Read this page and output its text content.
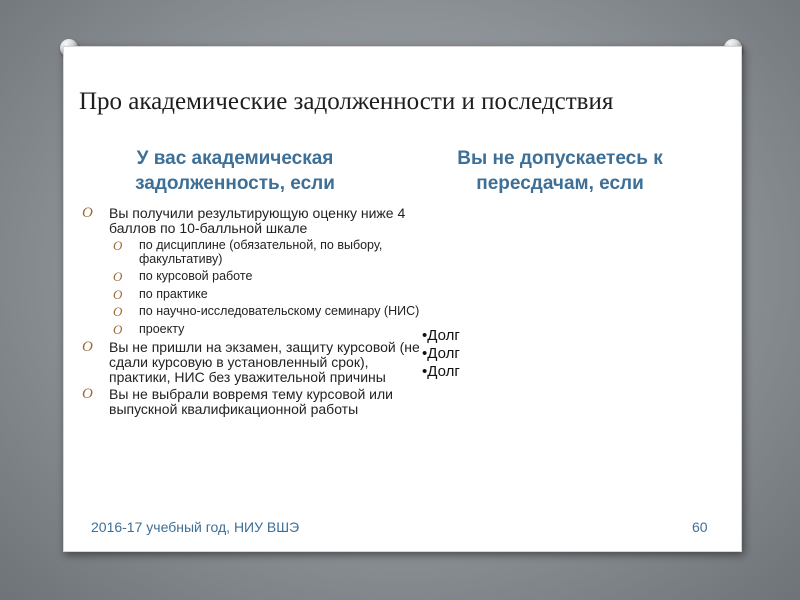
Про академические задолженности и последствия
У вас академическая задолженность, если
Вы не допускаетесь к пересдачам, если
O Вы получили результирующую оценку ниже 4 баллов по 10-балльной шкале
O по дисциплине (обязательной, по выбору, факультативу)
O по курсовой работе
O по практике
O по научно-исследовательскому семинару (НИС)
O проекту
O Вы не пришли на экзамен, защиту курсовой (не сдали курсовую в установленный срок), практики, НИС без уважительной причины
O Вы не выбрали вовремя тему курсовой или выпускной квалификационной работы
•Долг
•Долг
•Долг
•Имеете три и более академические задолженности
2016-17 учебный год, НИУ ВШЭ	60
